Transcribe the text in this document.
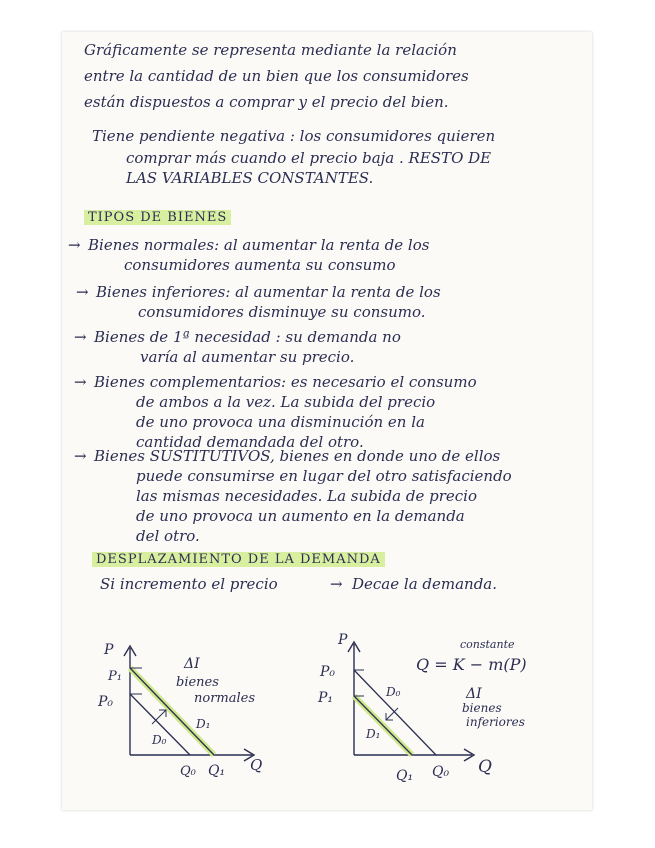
Gráficamente se representa mediante la relación
entre la cantidad de un bien que los consumidores
están dispuestos a comprar y el precio del bien.
Tiene pendiente negativa : los consumidores quieren
comprar más cuando el precio baja . RESTO DE
LAS VARIABLES CONSTANTES.
TIPOS DE BIENES
→ Bienes normales: al aumentar la renta de los
consumidores aumenta su consumo
→ Bienes inferiores: al aumentar la renta de los
consumidores disminuye su consumo.
→ Bienes de 1ª necesidad : su demanda no
varía al aumentar su precio.
→ Bienes complementarios: es necesario el consumo
de ambos a la vez. La subida del precio
de uno provoca una disminución en la
cantidad demandada del otro.
→ Bienes SUSTITUTIVOS, bienes en donde uno de ellos
puede consumirse en lugar del otro satisfaciendo
las mismas necesidades. La subida de precio
de uno provoca un aumento en la demanda
del otro.
DESPLAZAMIENTO DE LA DEMANDA
Si incremento el precio	→ Decae la demanda.
P
P₁
P₀
Q₀ Q₁ Q
D₀
D₁
ΔI
bienes
normales
P
P₀
P₁
Q₁ Q₀ Q
D₀
D₁
constante
Q = K − m(P)
ΔI
bienes
inferiores
